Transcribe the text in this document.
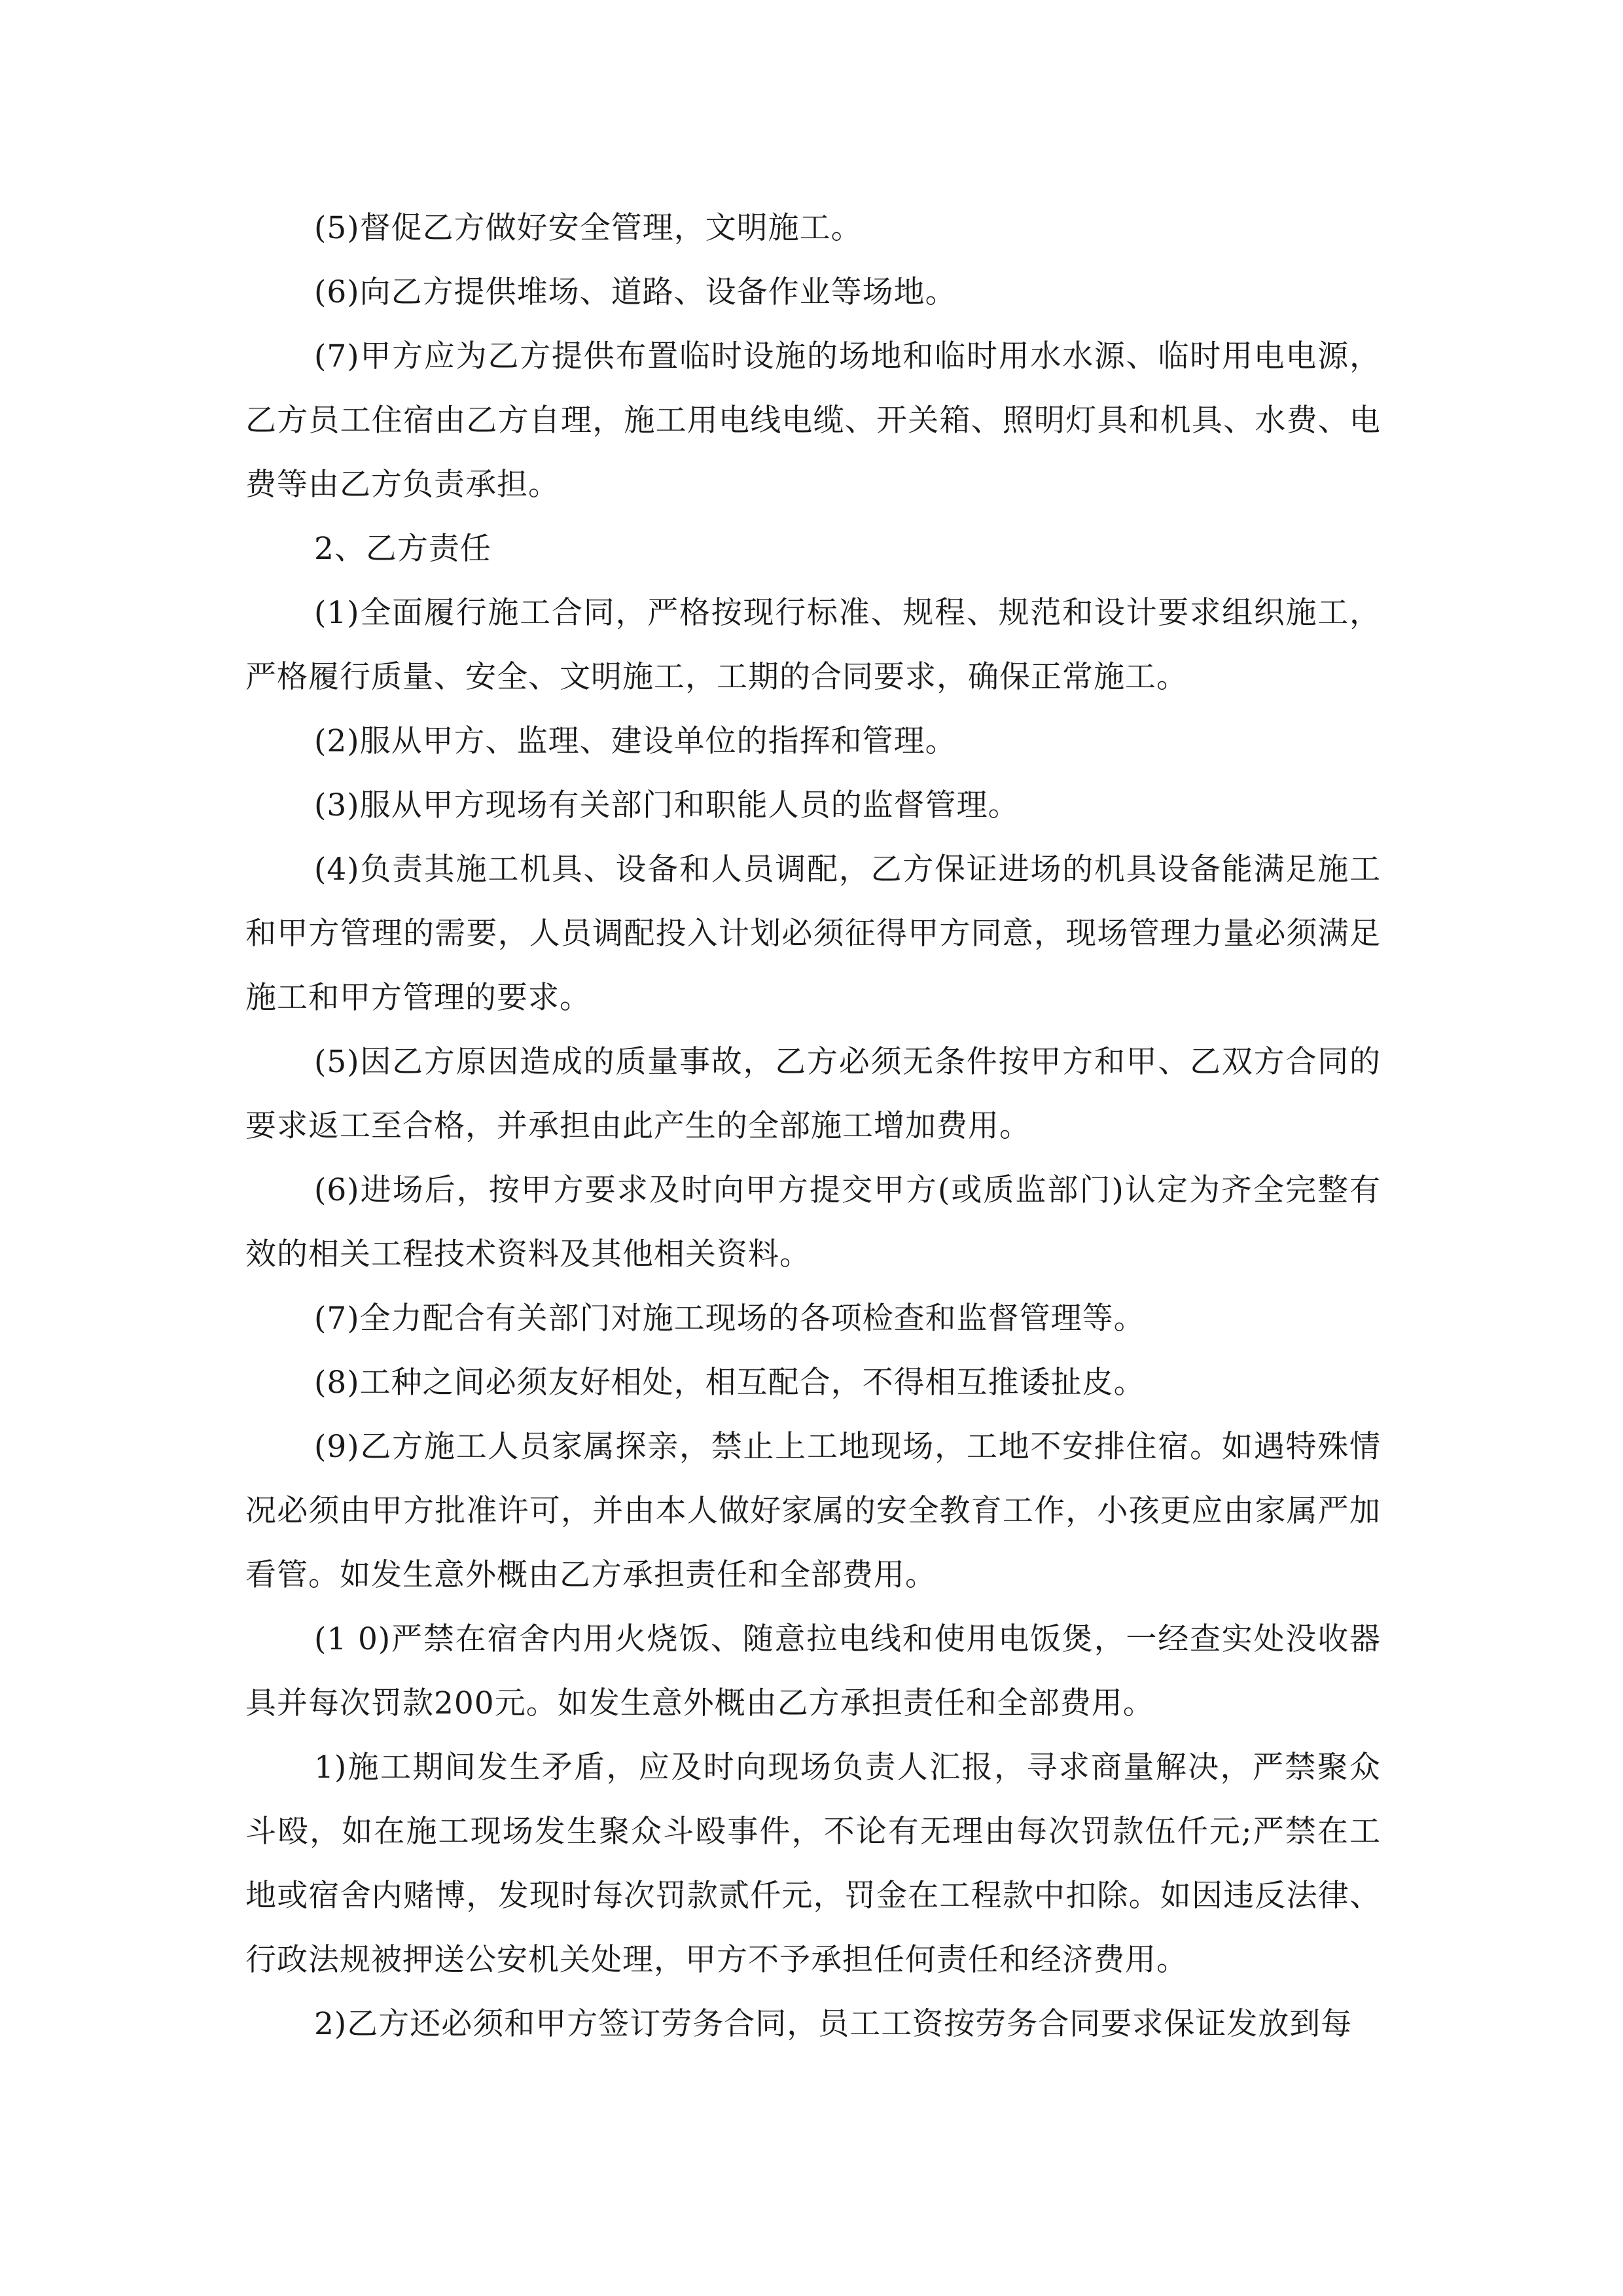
(5)督促乙方做好安全管理，文明施工。

(6)向乙方提供堆场、道路、设备作业等场地。

(7)甲方应为乙方提供布置临时设施的场地和临时用水水源、临时用电电源，乙方员工住宿由乙方自理，施工用电线电缆、开关箱、照明灯具和机具、水费、电费等由乙方负责承担。

2、乙方责任

(1)全面履行施工合同，严格按现行标准、规程、规范和设计要求组织施工，严格履行质量、安全、文明施工，工期的合同要求，确保正常施工。

(2)服从甲方、监理、建设单位的指挥和管理。

(3)服从甲方现场有关部门和职能人员的监督管理。

(4)负责其施工机具、设备和人员调配，乙方保证进场的机具设备能满足施工和甲方管理的需要，人员调配投入计划必须征得甲方同意，现场管理力量必须满足施工和甲方管理的要求。

(5)因乙方原因造成的质量事故，乙方必须无条件按甲方和甲、乙双方合同的要求返工至合格，并承担由此产生的全部施工增加费用。

(6)进场后，按甲方要求及时向甲方提交甲方(或质监部门)认定为齐全完整有效的相关工程技术资料及其他相关资料。

(7)全力配合有关部门对施工现场的各项检查和监督管理等。

(8)工种之间必须友好相处，相互配合，不得相互推诿扯皮。

(9)乙方施工人员家属探亲，禁止上工地现场，工地不安排住宿。如遇特殊情况必须由甲方批准许可，并由本人做好家属的安全教育工作，小孩更应由家属严加看管。如发生意外概由乙方承担责任和全部费用。

(1 0)严禁在宿舍内用火烧饭、随意拉电线和使用电饭煲，一经查实处没收器具并每次罚款200元。如发生意外概由乙方承担责任和全部费用。

1)施工期间发生矛盾，应及时向现场负责人汇报，寻求商量解决，严禁聚众斗殴，如在施工现场发生聚众斗殴事件，不论有无理由每次罚款伍仟元;严禁在工地或宿舍内赌博，发现时每次罚款贰仟元，罚金在工程款中扣除。如因违反法律、行政法规被押送公安机关处理，甲方不予承担任何责任和经济费用。

2)乙方还必须和甲方签订劳务合同，员工工资按劳务合同要求保证发放到每
